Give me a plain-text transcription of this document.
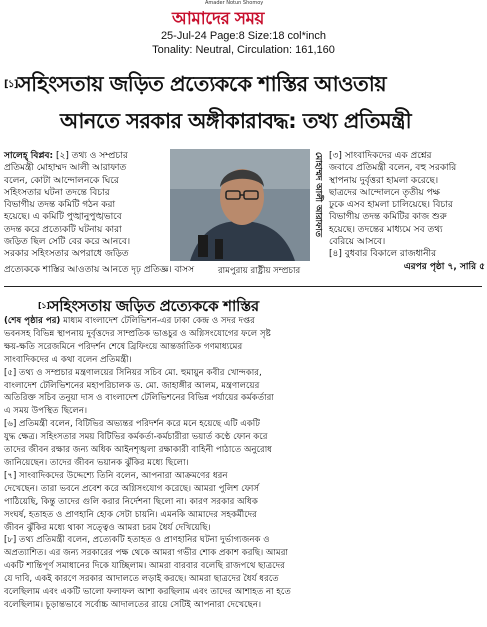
Amader Notun Shomoy
আমাদের সময়
25-Jul-24 Page:8 Size:18 col*inch
Tonality: Neutral, Circulation: 161,160
[১]সহিংসতায় জড়িত প্রত্যেককে শাস্তির আওতায়
আনতে সরকার অঙ্গীকারাবদ্ধ: তথ্য প্রতিমন্ত্রী
সালেহ্ বিপ্লব: [২] তথ্য ও সম্প্রচার
প্রতিমন্ত্রী মোহাম্মদ আলী আরাফাত
বলেন, কোটা আন্দোলনকে ঘিরে
সহিংসতার ঘটনা তদন্তে বিচার
বিভাগীয় তদন্ত কমিটি গঠন করা
হয়েছে। এ কমিটি পুঙ্খানুপুঙ্খভাবে
তদন্ত করে প্রত্যেকটি ঘটনায় কারা
জড়িত ছিল সেটি বের করে আনবে।
সরকার সহিংসতার অপরাধে জড়িত
প্রত্যেককে শাস্তির আওতায় আনতে দৃঢ় প্রতিজ্ঞ। বাসস
মোহাম্মদ আলী আরাফাত
রামপুরায় রাষ্ট্রীয় সম্প্রচার
[৩] সাংবাদিকদের এক প্রশ্নের
জবাবে প্রতিমন্ত্রী বলেন, বহু সরকারি
স্থাপনায় দুর্বৃত্তরা হামলা করেছে।
ছাত্রদের আন্দোলনে তৃতীয় পক্ষ
ঢুকে এসব হামলা চালিয়েছে। বিচার
বিভাগীয় তদন্ত কমিটির কাজ শুরু
হয়েছে। তদন্তের মাধ্যমে সব তথ্য
বেরিয়ে আসবে।
[৪] বুধবার বিকালে রাজধানীর
এরপর পৃষ্ঠা ৭, সারি ৫
[১]সহিংসতায় জড়িত প্রত্যেককে শাস্তির
(শেষ পৃষ্ঠার পর) মাধ্যম বাংলাদেশ টেলিভিশন-এর ঢাকা কেন্দ্র ও সদর দপ্তর
ভবনসহ বিভিন্ন স্থাপনায় দুর্বৃত্তদের সাম্প্রতিক ভাঙচুর ও অগ্নিসংযোগের ফলে সৃষ্ট
ক্ষয়-ক্ষতি সরেজমিনে পরিদর্শন শেষে ব্রিফিংয়ে আন্তর্জাতিক গণমাধ্যমের
সাংবাদিকদের এ কথা বলেন প্রতিমন্ত্রী।
[৫] তথ্য ও সম্প্রচার মন্ত্রণালয়ের সিনিয়র সচিব মো. হুমায়ুন কবীর খোন্দকার,
বাংলাদেশ টেলিভিশনের মহাপরিচালক ড. মো. জাহাঙ্গীর আলম, মন্ত্রণালয়ের
অতিরিক্ত সচিব তনুয়া দাস ও বাংলাদেশ টেলিভিশনের বিভিন্ন পর্যায়ের কর্মকর্তারা
এ সময় উপস্থিত ছিলেন।
[৬] প্রতিমন্ত্রী বলেন, বিটিভির অভ্যন্তর পরিদর্শন করে মনে হয়েছে এটি একটি
যুদ্ধ ক্ষেত্র। সহিংসতার সময় বিটিভির কর্মকর্তা-কর্মচারীরা ভয়ার্ত কণ্ঠে ফোন করে
তাদের জীবন রক্ষার জন্য অধিক আইনশৃঙ্খলা রক্ষাকারী বাহিনী পাঠাতে অনুরোধ
জানিয়েছেন। তাদের জীবন ভয়ানক ঝুঁকির মধ্যে ছিলো।
[৭] সাংবাদিকদের উদ্দেশ্যে তিনি বলেন, আপনারা আক্রমণের ধরন
দেখেছেন। তারা ভবনে প্রবেশ করে অগ্নিসংযোগ করেছে। আমরা পুলিশ ফোর্স
পাঠিয়েছি, কিন্তু তাদের গুলি করার নির্দেশনা ছিলো না। কারণ সরকার অধিক
সংঘর্ষ, হতাহত ও প্রাণহানি হোক সেটা চায়নি। এমনকি আমাদের সহকর্মীদের
জীবন ঝুঁকির মধ্যে থাকা সত্ত্বেও আমরা চরম ধৈর্য দেখিয়েছি।
[৮] তথ্য প্রতিমন্ত্রী বলেন, প্রত্যেকটি হতাহত ও প্রাণহানির ঘটনা দুর্ভাগ্যজনক ও
অপ্রত্যাশিত। এর জন্য সরকারের পক্ষ থেকে আমরা গভীর শোক প্রকাশ করছি। আমরা
একটি শান্তিপূর্ণ সমাধানের দিকে যাচ্ছিলাম। আমরা বারবার বলেছি রাজপথে ছাত্রদের
যে দাবি, একই কারণে সরকার আদালতে লড়াই করছে। আমরা ছাত্রদের ধৈর্য ধরতে
বলেছিলাম এবং একটি ভালো ফলাফল আশা করছিলাম এবং তাদের আশাহত না হতে
বলেছিলাম। চূড়ান্তভাবে সর্বোচ্চ আদালতের রায়ে সেটিই আপনারা দেখেছেন।
